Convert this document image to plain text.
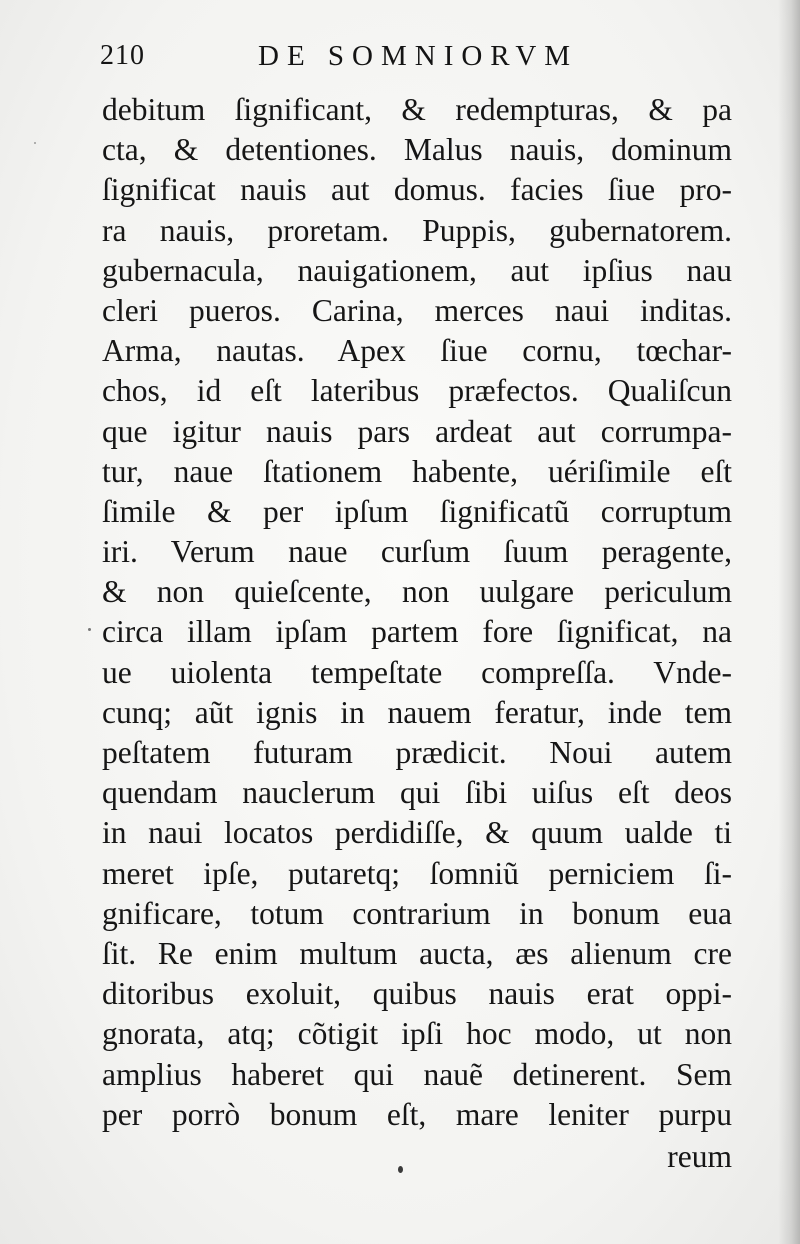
210	DE SOMNIORVM
debitum ſignificant, & redempturas, & pa
cta, & detentiones. Malus nauis, dominum
ſignificat nauis aut domus. facies ſiue pro-
ra nauis, proretam. Puppis, gubernatorem.
gubernacula, nauigationem, aut ipſius nau
cleri pueros. Carina, merces naui inditas.
Arma, nautas. Apex ſiue cornu, tœchar-
chos, id eſt lateribus præfectos. Qualiſcun
que igitur nauis pars ardeat aut corrumpa-
tur, naue ſtationem habente, uériſimile eſt
ſimile & per ipſum ſignificatũ corruptum
iri. Verum naue curſum ſuum peragente,
& non quieſcente, non uulgare periculum
circa illam ipſam partem fore ſignificat, na
ue uiolenta tempeſtate compreſſa. Vnde-
cunq; aũt ignis in nauem feratur, inde tem
peſtatem futuram prædicit. Noui autem
quendam nauclerum qui ſibi uiſus eſt deos
in naui locatos perdidiſſe, & quum ualde ti
meret ipſe, putaretq; ſomniũ perniciem ſi-
gnificare, totum contrarium in bonum eua
ſit. Re enim multum aucta, æs alienum cre
ditoribus exoluit, quibus nauis erat oppi-
gnorata, atq; cõtigit ipſi hoc modo, ut non
amplius haberet qui nauẽ detinerent. Sem
per porrò bonum eſt, mare leniter purpu
reum
